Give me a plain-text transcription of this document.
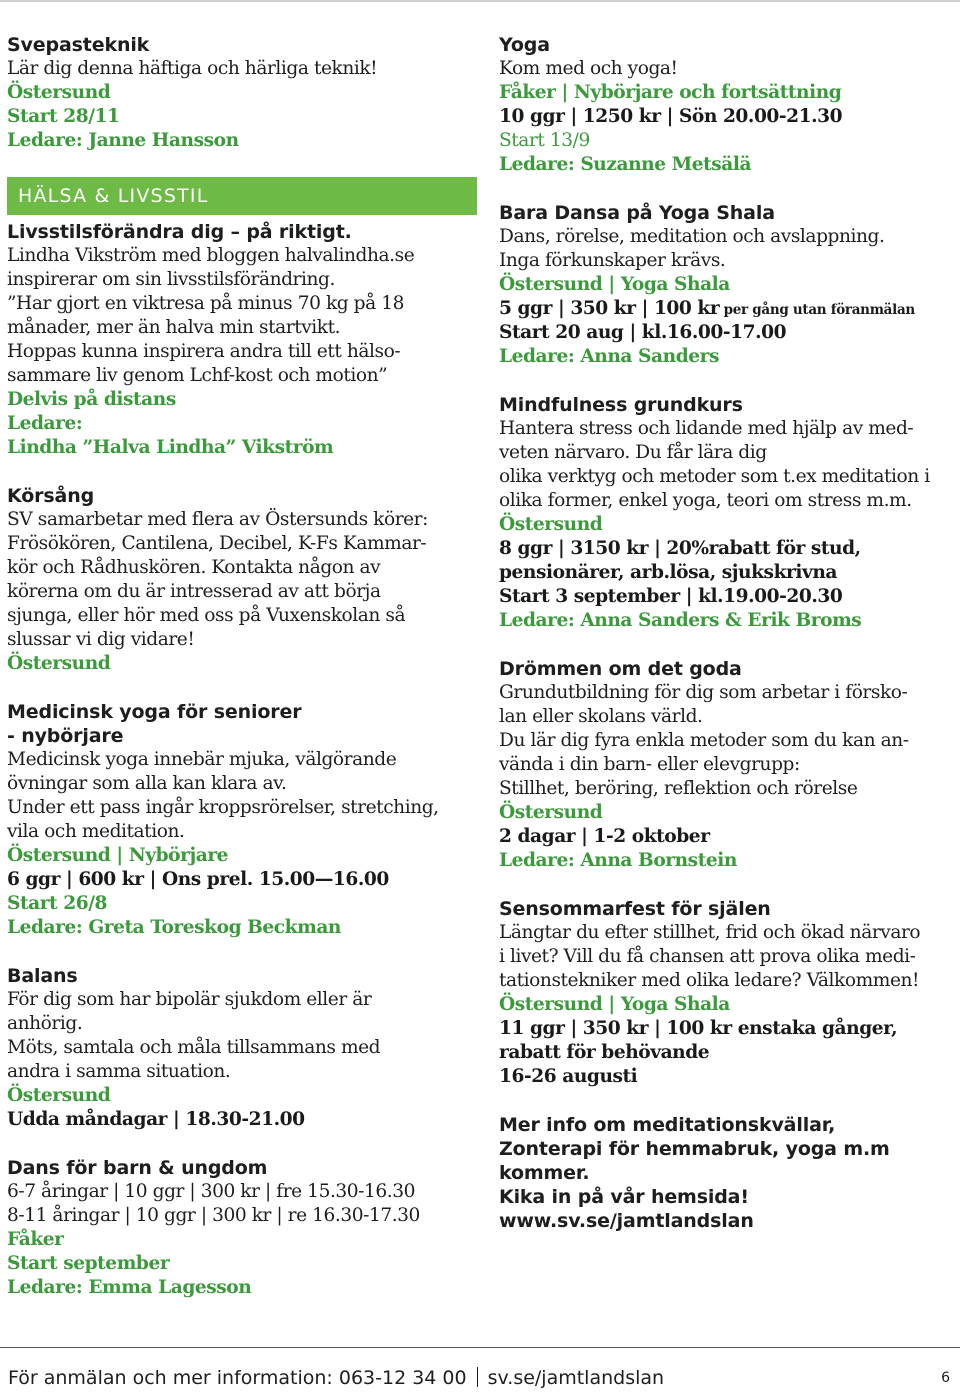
Svepasteknik
Lär dig denna häftiga och härliga teknik!
Östersund
Start 28/11
Ledare: Janne Hansson
HÄLSA & LIVSSTIL
Livsstilsförändra dig – på riktigt.
Lindha Vikström med bloggen halvalindha.se
inspirerar om sin livsstilsförändring.
”Har gjort en viktresa på minus 70 kg på 18
månader, mer än halva min startvikt.
Hoppas kunna inspirera andra till ett hälso-
sammare liv genom Lchf-kost och motion”
Delvis på distans
Ledare:
Lindha ”Halva Lindha” Vikström
Körsång
SV samarbetar med flera av Östersunds körer:
Frösökören, Cantilena, Decibel, K-Fs Kammar-
kör och Rådhuskören. Kontakta någon av
körerna om du är intresserad av att börja
sjunga, eller hör med oss på Vuxenskolan så
slussar vi dig vidare!
Östersund
Medicinsk yoga för seniorer
- nybörjare
Medicinsk yoga innebär mjuka, välgörande
övningar som alla kan klara av.
Under ett pass ingår kroppsrörelser, stretching,
vila och meditation.
Östersund | Nybörjare
6 ggr | 600 kr | Ons prel. 15.00—16.00
Start 26/8
Ledare: Greta Toreskog Beckman
Balans
För dig som har bipolär sjukdom eller är
anhörig.
Möts, samtala och måla tillsammans med
andra i samma situation.
Östersund
Udda måndagar | 18.30-21.00
Dans för barn & ungdom
6-7 åringar | 10 ggr | 300 kr | fre 15.30-16.30
8-11 åringar | 10 ggr | 300 kr | re 16.30-17.30
Fåker
Start september
Ledare: Emma Lagesson
Yoga
Kom med och yoga!
Fåker | Nybörjare och fortsättning
10 ggr | 1250 kr | Sön 20.00-21.30
Start 13/9
Ledare: Suzanne Metsälä
Bara Dansa på Yoga Shala
Dans, rörelse, meditation och avslappning.
Inga förkunskaper krävs.
Östersund | Yoga Shala
5 ggr | 350 kr | 100 kr per gång utan föranmälan
Start 20 aug | kl.16.00-17.00
Ledare: Anna Sanders
Mindfulness grundkurs
Hantera stress och lidande med hjälp av med-
veten närvaro. Du får lära dig
olika verktyg och metoder som t.ex meditation i
olika former, enkel yoga, teori om stress m.m.
Östersund
8 ggr | 3150 kr | 20%rabatt för stud,
pensionärer, arb.lösa, sjukskrivna
Start 3 september | kl.19.00-20.30
Ledare: Anna Sanders & Erik Broms
Drömmen om det goda
Grundutbildning för dig som arbetar i försko-
lan eller skolans värld.
Du lär dig fyra enkla metoder som du kan an-
vända i din barn- eller elevgrupp:
Stillhet, beröring, reflektion och rörelse
Östersund
2 dagar | 1-2 oktober
Ledare: Anna Bornstein
Sensommarfest för själen
Längtar du efter stillhet, frid och ökad närvaro
i livet? Vill du få chansen att prova olika medi-
tationstekniker med olika ledare? Välkommen!
Östersund | Yoga Shala
11 ggr | 350 kr | 100 kr enstaka gånger,
rabatt för behövande
16-26 augusti
Mer info om meditationskvällar,
Zonterapi för hemmabruk, yoga m.m
kommer.
Kika in på vår hemsida!
www.sv.se/jamtlandslan
För anmälan och mer information: 063-12 34 00 sv.se/jamtlandslan	6
